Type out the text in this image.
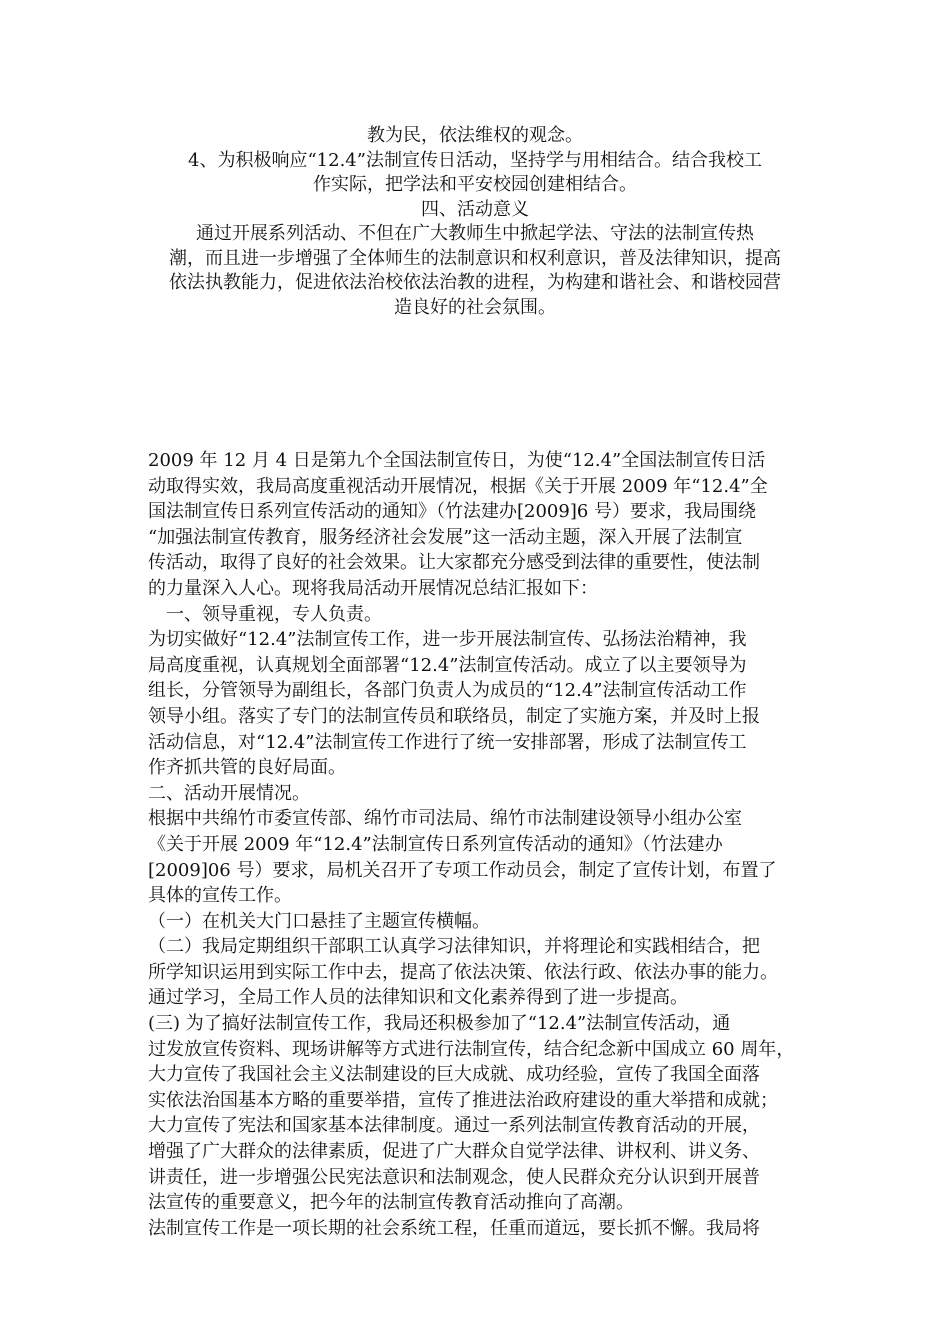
教为民，依法维权的观念。

4、为积极响应“12.4”法制宣传日活动，坚持学与用相结合。结合我校工

作实际，把学法和平安校园创建相结合。

四、活动意义

通过开展系列活动、不但在广大教师生中掀起学法、守法的法制宣传热

潮，而且进一步增强了全体师生的法制意识和权利意识，普及法律知识，提高

依法执教能力，促进依法治校依法治教的进程，为构建和谐社会、和谐校园营

造良好的社会氛围。

2009 年 12 月 4 日是第九个全国法制宣传日，为使“12.4”全国法制宣传日活

动取得实效，我局高度重视活动开展情况，根据《关于开展 2009 年“12.4”全

国法制宣传日系列宣传活动的通知》（竹法建办[2009]6 号）要求，我局围绕

“加强法制宣传教育，服务经济社会发展”这一活动主题，深入开展了法制宣

传活动，取得了良好的社会效果。让大家都充分感受到法律的重要性，使法制

的力量深入人心。现将我局活动开展情况总结汇报如下：

　一、领导重视，专人负责。

为切实做好“12.4”法制宣传工作，进一步开展法制宣传、弘扬法治精神，我

局高度重视，认真规划全面部署“12.4”法制宣传活动。成立了以主要领导为

组长，分管领导为副组长，各部门负责人为成员的“12.4”法制宣传活动工作

领导小组。落实了专门的法制宣传员和联络员，制定了实施方案，并及时上报

活动信息，对“12.4”法制宣传工作进行了统一安排部署，形成了法制宣传工

作齐抓共管的良好局面。

二、活动开展情况。

根据中共绵竹市委宣传部、绵竹市司法局、绵竹市法制建设领导小组办公室

《关于开展 2009 年“12.4”法制宣传日系列宣传活动的通知》（竹法建办

[2009]06 号）要求，局机关召开了专项工作动员会，制定了宣传计划，布置了

具体的宣传工作。

（一）在机关大门口悬挂了主题宣传横幅。

（二）我局定期组织干部职工认真学习法律知识，并将理论和实践相结合，把

所学知识运用到实际工作中去，提高了依法决策、依法行政、依法办事的能力。

通过学习，全局工作人员的法律知识和文化素养得到了进一步提高。

(三) 为了搞好法制宣传工作，我局还积极参加了“12.4”法制宣传活动，通

过发放宣传资料、现场讲解等方式进行法制宣传，结合纪念新中国成立 60 周年，

大力宣传了我国社会主义法制建设的巨大成就、成功经验，宣传了我国全面落

实依法治国基本方略的重要举措，宣传了推进法治政府建设的重大举措和成就；

大力宣传了宪法和国家基本法律制度。通过一系列法制宣传教育活动的开展，

增强了广大群众的法律素质，促进了广大群众自觉学法律、讲权利、讲义务、

讲责任，进一步增强公民宪法意识和法制观念，使人民群众充分认识到开展普

法宣传的重要意义，把今年的法制宣传教育活动推向了高潮。

法制宣传工作是一项长期的社会系统工程，任重而道远，要长抓不懈。我局将
